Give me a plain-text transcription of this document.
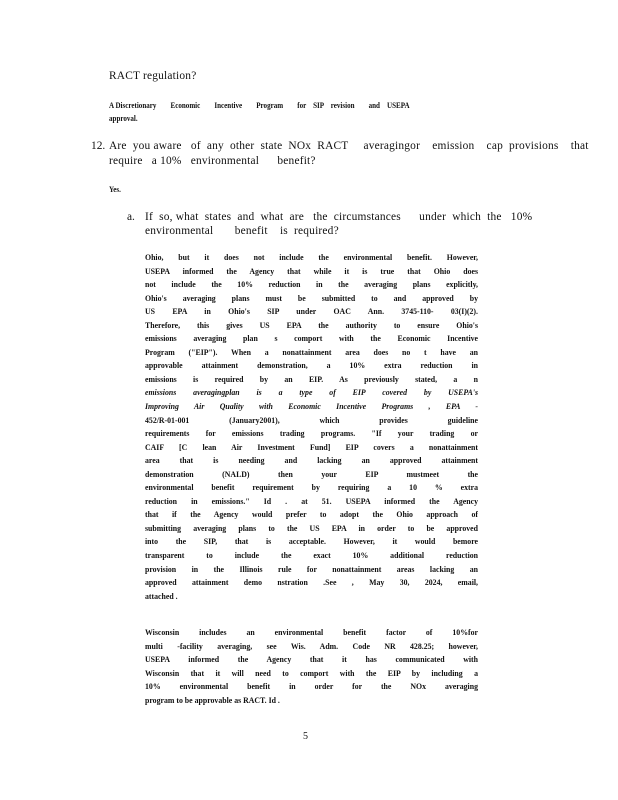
RACT regulation?
A Discretionary        Economic        Incentive        Program        for    SIP    revision        and    USEPA
approval.
12. Are  you aware   of  any  other  state  NOx  RACT     averagingor    emission    cap  provisions    that
require   a 10%   environmental      benefit?
Yes.
a. If  so, what  states  and  what  are   the  circumstances      under  which  the   10%
environmental       benefit    is  required?
Ohio, but it does not include the environmental benefit. However,
USEPA informed the Agency that while it is true that Ohio does
not include the 10% reduction in the averaging plans explicitly,
Ohio's averaging plans must be submitted to and approved by
US EPA in Ohio's SIP under OAC Ann. 3745-110- 03(I)(2).
Therefore, this gives US EPA the authority to ensure Ohio's
emissions averaging plan s comport with the Economic Incentive
Program ("EIP"). When a nonattainment area does no t have an
approvable attainment demonstration, a 10% extra reduction in
emissions is required by an EIP. As previously stated, a n
emissions averagingplan is a type of EIP covered by USEPA's
Improving Air Quality with Economic Incentive Programs , EPA -
452/R-01-001 (January2001), which provides guideline
requirements for emissions trading programs. "If your trading or
CAIF [C lean Air Investment Fund] EIP covers a nonattainment
area that is needing and lacking an approved attainment
demonstration (NALD) then your EIP mustmeet the
environmental benefit requirement by requiring a 10 % extra
reduction in emissions." Id . at 51. USEPA informed the Agency
that if the Agency would prefer to adopt the Ohio approach of
submitting averaging plans to the US EPA in order to be approved
into the SIP, that is acceptable. However, it would bemore
transparent to include the exact 10% additional reduction
provision in the Illinois rule for nonattainment areas lacking an
approved attainment demo nstration .See , May 30, 2024, email,
attached .
Wisconsin includes an environmental benefit factor of 10%for
multi -facility averaging, see Wis. Adm. Code NR 428.25; however,
USEPA informed the Agency that it has communicated with
Wisconsin that it will need to comport with the EIP by including a
10% environmental benefit in order for the NOx averaging
program to be approvable as RACT. Id .
5
